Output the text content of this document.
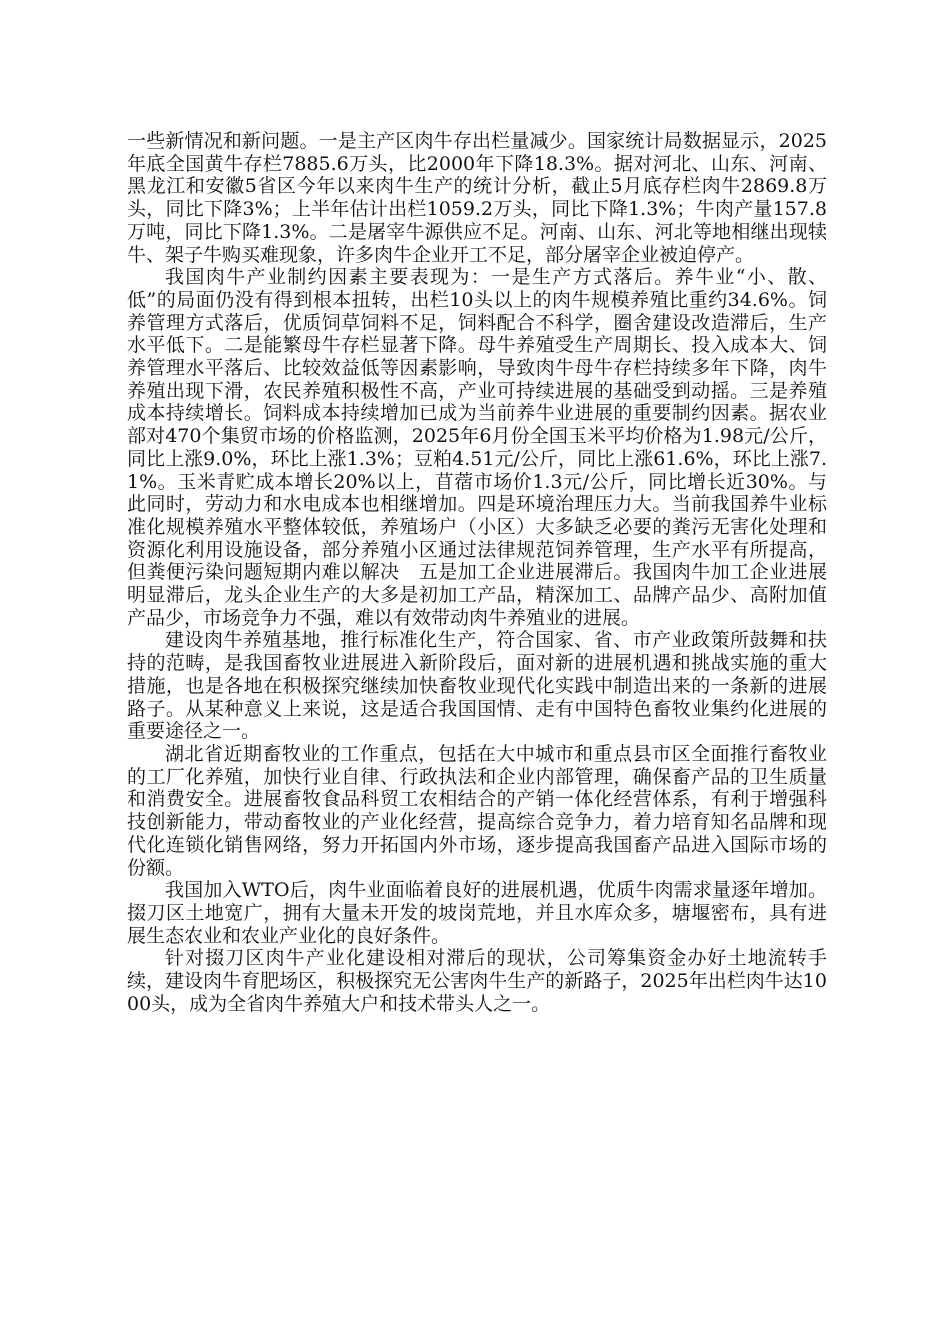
一些新情况和新问题。一是主产区肉牛存出栏量减少。国家统计局数据显示，2025年底全国黄牛存栏7885.6万头，比2000年下降18.3%。据对河北、山东、河南、黑龙江和安徽5省区今年以来肉牛生产的统计分析，截止5月底存栏肉牛2869.8万头，同比下降3%；上半年估计出栏1059.2万头，同比下降1.3%；牛肉产量157.8万吨，同比下降1.3%。二是屠宰牛源供应不足。河南、山东、河北等地相继出现犊牛、架子牛购买难现象，许多肉牛企业开工不足，部分屠宰企业被迫停产。

我国肉牛产业制约因素主要表现为：一是生产方式落后。养牛业“小、散、低”的局面仍没有得到根本扭转，出栏10头以上的肉牛规模养殖比重约34.6%。饲养管理方式落后，优质饲草饲料不足，饲料配合不科学，圈舍建设改造滞后，生产水平低下。二是能繁母牛存栏显著下降。母牛养殖受生产周期长、投入成本大、饲养管理水平落后、比较效益低等因素影响，导致肉牛母牛存栏持续多年下降，肉牛养殖出现下滑，农民养殖积极性不高，产业可持续进展的基础受到动摇。三是养殖成本持续增长。饲料成本持续增加已成为当前养牛业进展的重要制约因素。据农业部对470个集贸市场的价格监测，2025年6月份全国玉米平均价格为1.98元/公斤，同比上涨9.0%，环比上涨1.3%；豆粕4.51元/公斤，同比上涨61.6%，环比上涨7.1%。玉米青贮成本增长20%以上，苜蓿市场价1.3元/公斤，同比增长近30%。与此同时，劳动力和水电成本也相继增加。四是环境治理压力大。当前我国养牛业标准化规模养殖水平整体较低，养殖场户（小区）大多缺乏必要的粪污无害化处理和资源化利用设施设备，部分养殖小区通过法律规范饲养管理，生产水平有所提高，但粪便污染问题短期内难以解决　五是加工企业进展滞后。我国肉牛加工企业进展明显滞后，龙头企业生产的大多是初加工产品，精深加工、品牌产品少、高附加值产品少，市场竞争力不强，难以有效带动肉牛养殖业的进展。

建设肉牛养殖基地，推行标准化生产，符合国家、省、市产业政策所鼓舞和扶持的范畴，是我国畜牧业进展进入新阶段后，面对新的进展机遇和挑战实施的重大措施，也是各地在积极探究继续加快畜牧业现代化实践中制造出来的一条新的进展路子。从某种意义上来说，这是适合我国国情、走有中国特色畜牧业集约化进展的重要途径之一。

湖北省近期畜牧业的工作重点，包括在大中城市和重点县市区全面推行畜牧业的工厂化养殖，加快行业自律、行政执法和企业内部管理，确保畜产品的卫生质量和消费安全。进展畜牧食品科贸工农相结合的产销一体化经营体系，有利于增强科技创新能力，带动畜牧业的产业化经营，提高综合竞争力，着力培育知名品牌和现代化连锁化销售网络，努力开拓国内外市场，逐步提高我国畜产品进入国际市场的份额。

我国加入WTO后，肉牛业面临着良好的进展机遇，优质牛肉需求量逐年增加。掇刀区土地宽广，拥有大量未开发的坡岗荒地，并且水库众多，塘堰密布，具有进展生态农业和农业产业化的良好条件。

针对掇刀区肉牛产业化建设相对滞后的现状，公司筹集资金办好土地流转手续，建设肉牛育肥场区，积极探究无公害肉牛生产的新路子，2025年出栏肉牛达1000头，成为全省肉牛养殖大户和技术带头人之一。
